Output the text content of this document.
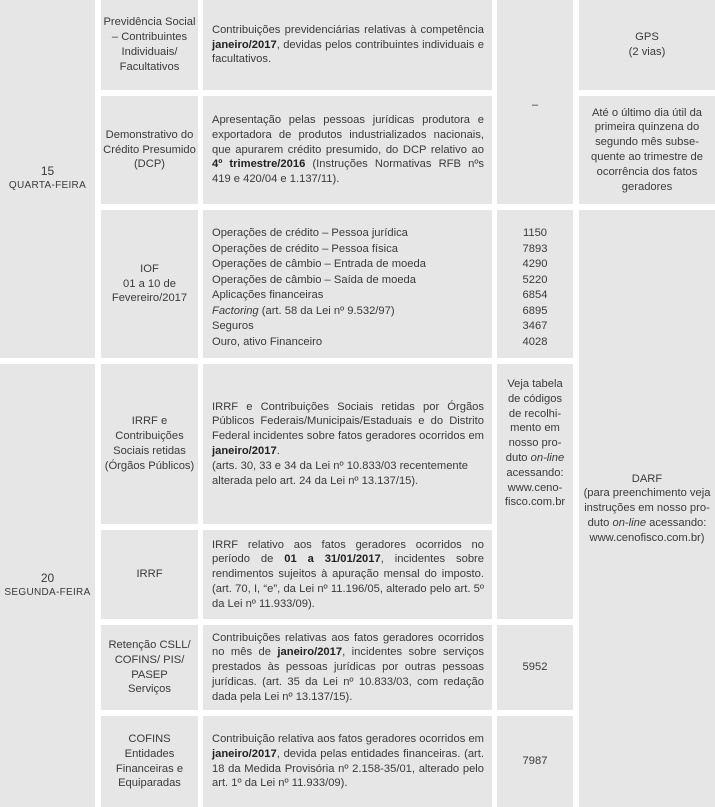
15
QUARTA-FEIRA
20
SEGUNDA-FEIRA
Previdência Social
– Contribuintes
Individuais/
Facultativos
Demonstrativo do
Crédito Presumido
(DCP)
IOF
01 a 10 de
Fevereiro/2017
IRRF e
Contribuições
Sociais retidas
(Órgãos Públicos)
IRRF
Retenção CSLL/
COFINS/ PIS/
PASEP
Serviços
COFINS
Entidades
Financeiras e
Equiparadas

Contribuições previdenciárias relativas à competência janeiro/2017, devidas pelos contribuintes individuais e facultativos.

Apresentação pelas pessoas jurídicas produtora e exportadora de produtos industrializados nacionais, que apurarem crédito presumido, do DCP relativo ao 4º trimestre/2016 (Instruções Normativas RFB nºs 419 e 420/04 e 1.137/11).

Operações de crédito – Pessoa jurídica
Operações de crédito – Pessoa física
Operações de câmbio – Entrada de moeda
Operações de câmbio – Saída de moeda
Aplicações financeiras
Factoring (art. 58 da Lei nº 9.532/97)
Seguros
Ouro, ativo Financeiro

IRRF e Contribuições Sociais retidas por Órgãos Públicos Federais/Municipais/Estaduais e do Distrito Federal incidentes sobre fatos geradores ocorridos em janeiro/2017.

(arts. 30, 33 e 34 da Lei nº 10.833/03 recentemente alterada pelo art. 24 da Lei nº 13.137/15).

IRRF relativo aos fatos geradores ocorridos no período de 01 a 31/01/2017, incidentes sobre rendimentos sujeitos à apuração mensal do imposto. (art. 70, I, “e”, da Lei nº 11.196/05, alterado pelo art. 5º da Lei nº 11.933/09).

Contribuições relativas aos fatos geradores ocorridos no mês de janeiro/2017, incidentes sobre serviços prestados às pessoas jurídicas por outras pessoas jurídicas. (art. 35 da Lei nº 10.833/03, com redação dada pela Lei nº 13.137/15).

Contribuição relativa aos fatos geradores ocorridos em janeiro/2017, devida pelas entidades financeiras. (art. 18 da Medida Provisória nº 2.158-35/01, alterado pelo art. 1º da Lei nº 11.933/09).

–
1150
7893
4290
5220
6854
6895
3467
4028
Veja tabela
de códigos
de recolhi-
mento em
nosso pro-
duto on-line
acessando:
www.ceno-
fisco.com.br
5952
7987
GPS
(2 vias)
Até o último dia útil da
primeira quinzena do
segundo mês subse-
quente ao trimestre de
ocorrência dos fatos
geradores
DARF
(para preenchimento veja
instruções em nosso pro-
duto on-line acessando:
www.cenofisco.com.br)
